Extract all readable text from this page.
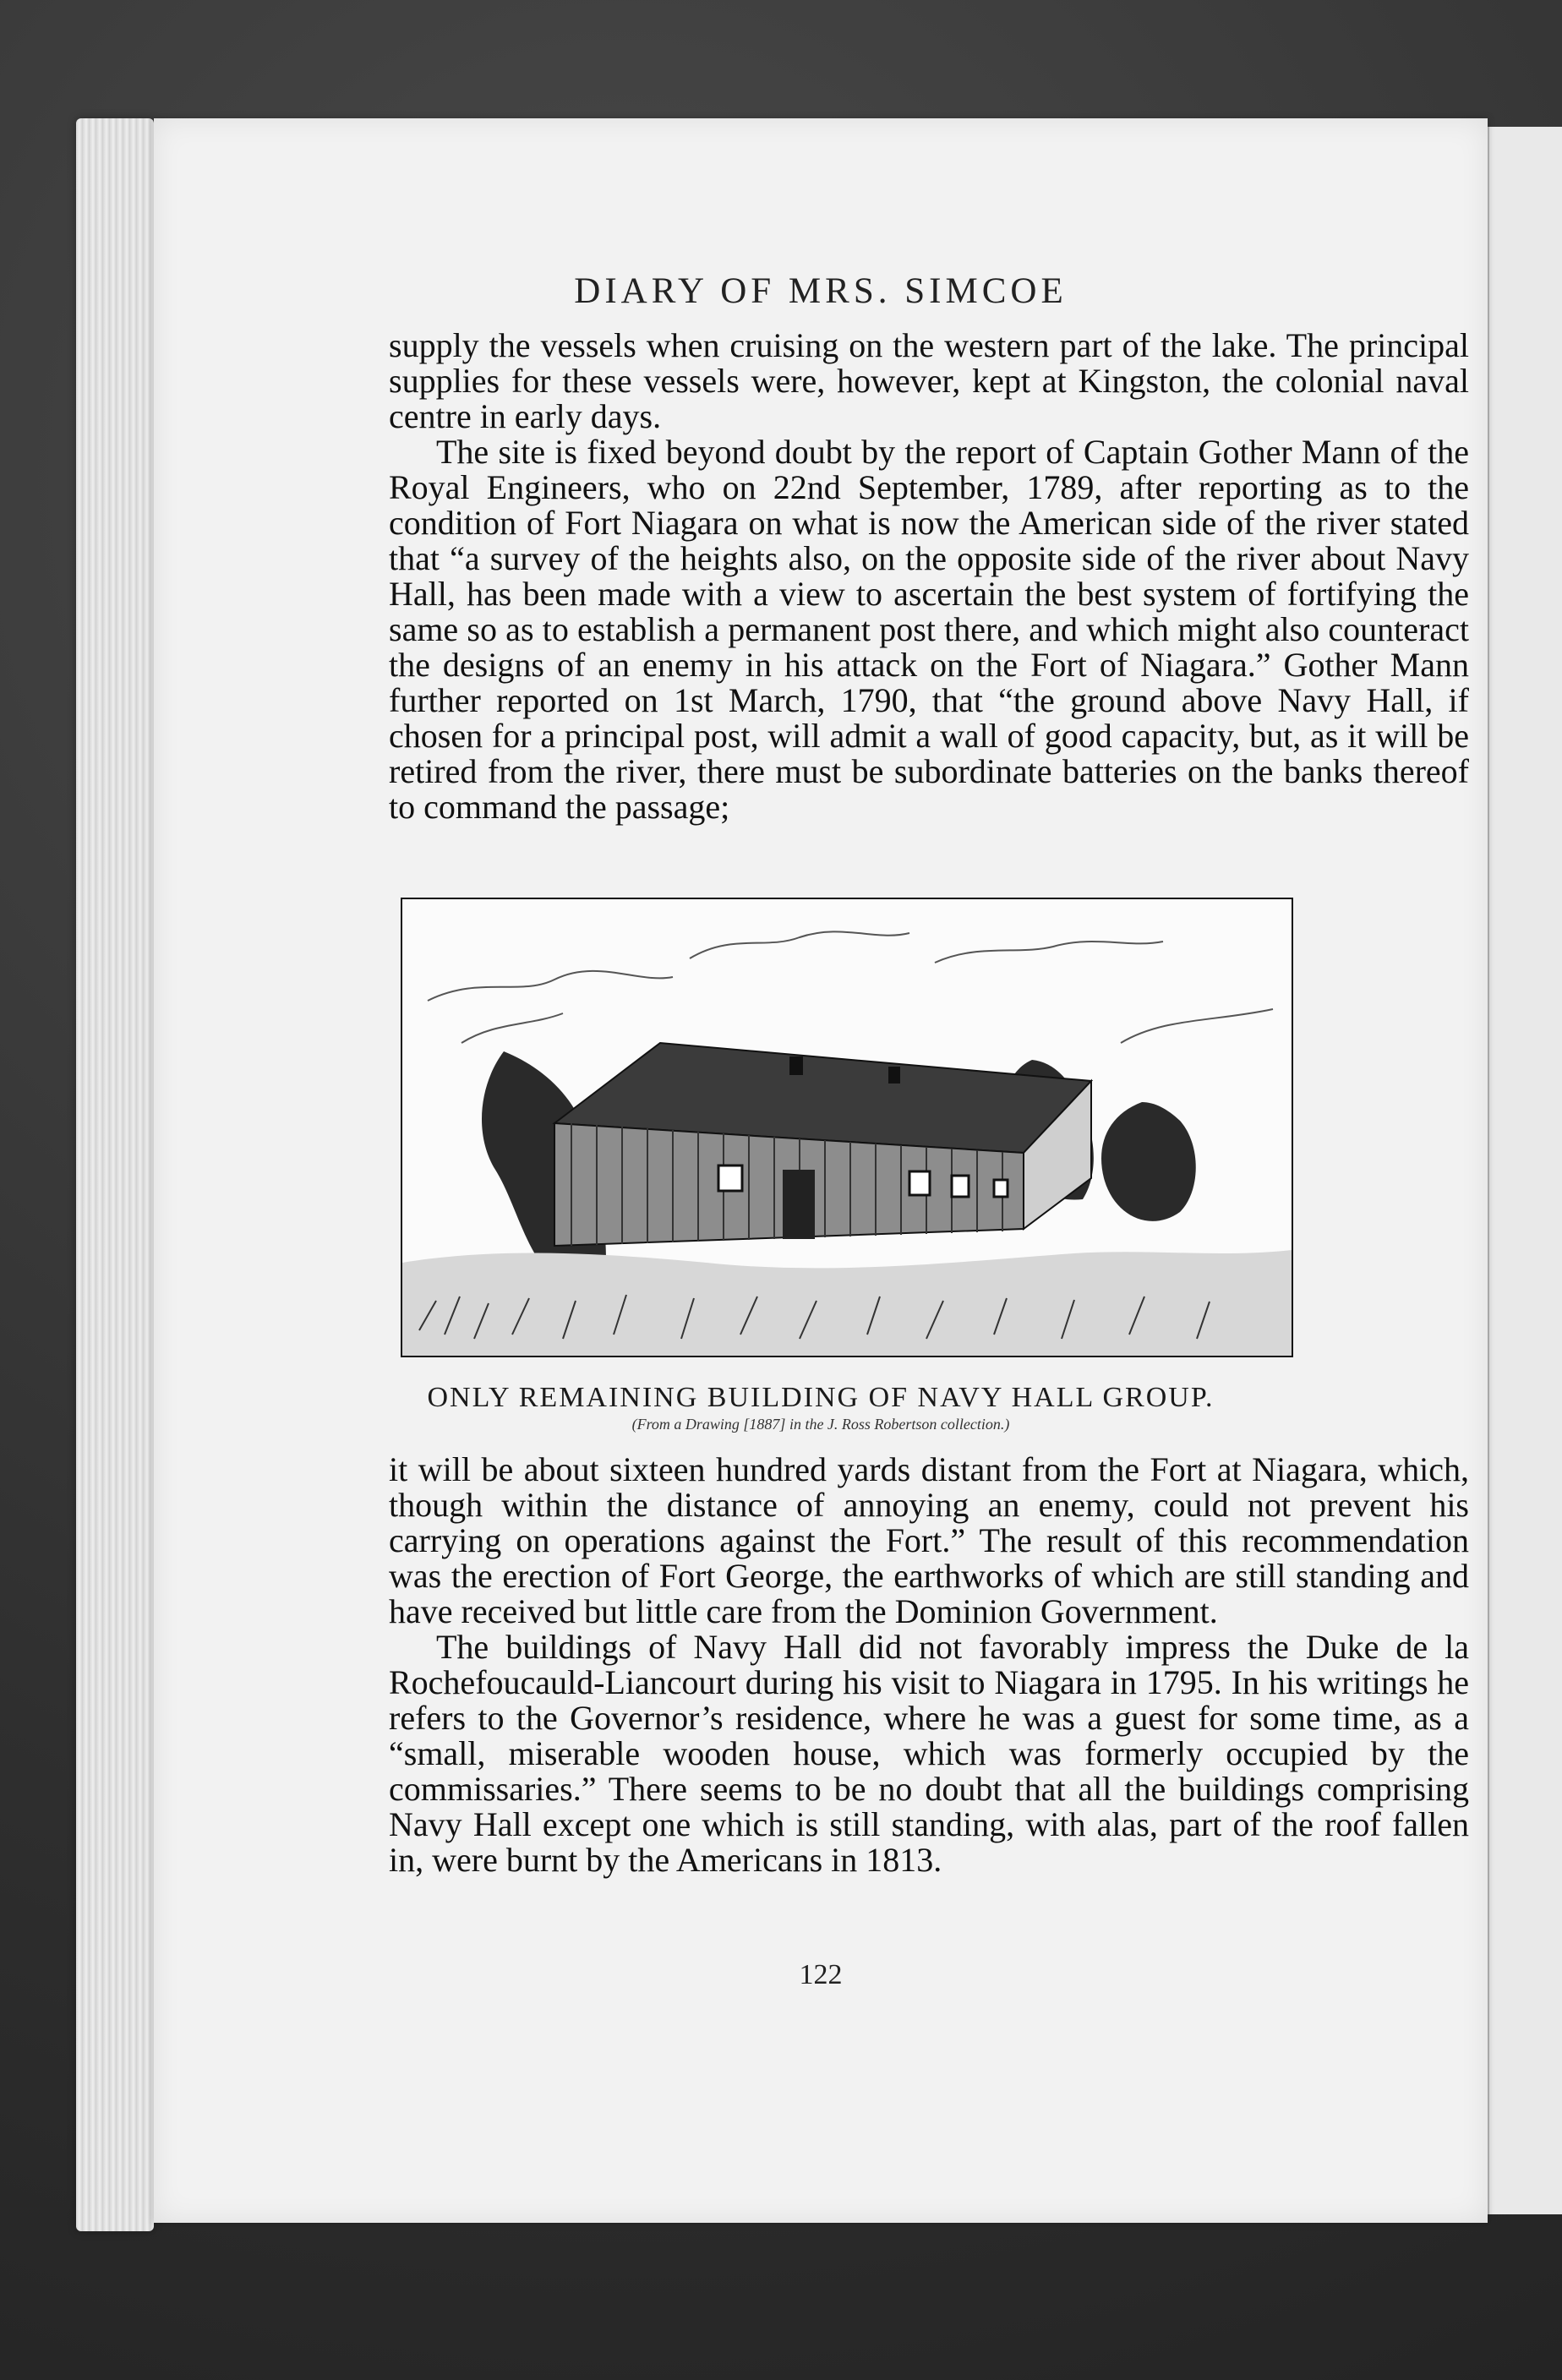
DIARY OF MRS. SIMCOE

supply the vessels when cruising on the western part of the lake. The principal supplies for these vessels were, however, kept at Kingston, the colonial naval centre in early days.

The site is fixed beyond doubt by the report of Captain Gother Mann of the Royal Engineers, who on 22nd September, 1789, after reporting as to the condition of Fort Niagara on what is now the American side of the river stated that “a survey of the heights also, on the opposite side of the river about Navy Hall, has been made with a view to ascertain the best system of fortifying the same so as to establish a permanent post there, and which might also counteract the designs of an enemy in his attack on the Fort of Niagara.” Gother Mann further reported on 1st March, 1790, that “the ground above Navy Hall, if chosen for a principal post, will admit a wall of good capacity, but, as it will be retired from the river, there must be subordinate batteries on the banks thereof to command the passage;

ONLY REMAINING BUILDING OF NAVY HALL GROUP.
(From a Drawing [1887] in the J. Ross Robertson collection.)

it will be about sixteen hundred yards distant from the Fort at Niagara, which, though within the distance of annoying an enemy, could not prevent his carrying on operations against the Fort.” The result of this recommendation was the erection of Fort George, the earthworks of which are still standing and have received but little care from the Dominion Government.

The buildings of Navy Hall did not favorably impress the Duke de la Rochefoucauld-Liancourt during his visit to Niagara in 1795. In his writings he refers to the Governor’s residence, where he was a guest for some time, as a “small, miserable wooden house, which was formerly occupied by the commissaries.” There seems to be no doubt that all the buildings comprising Navy Hall except one which is still standing, with alas, part of the roof fallen in, were burnt by the Americans in 1813.

122
